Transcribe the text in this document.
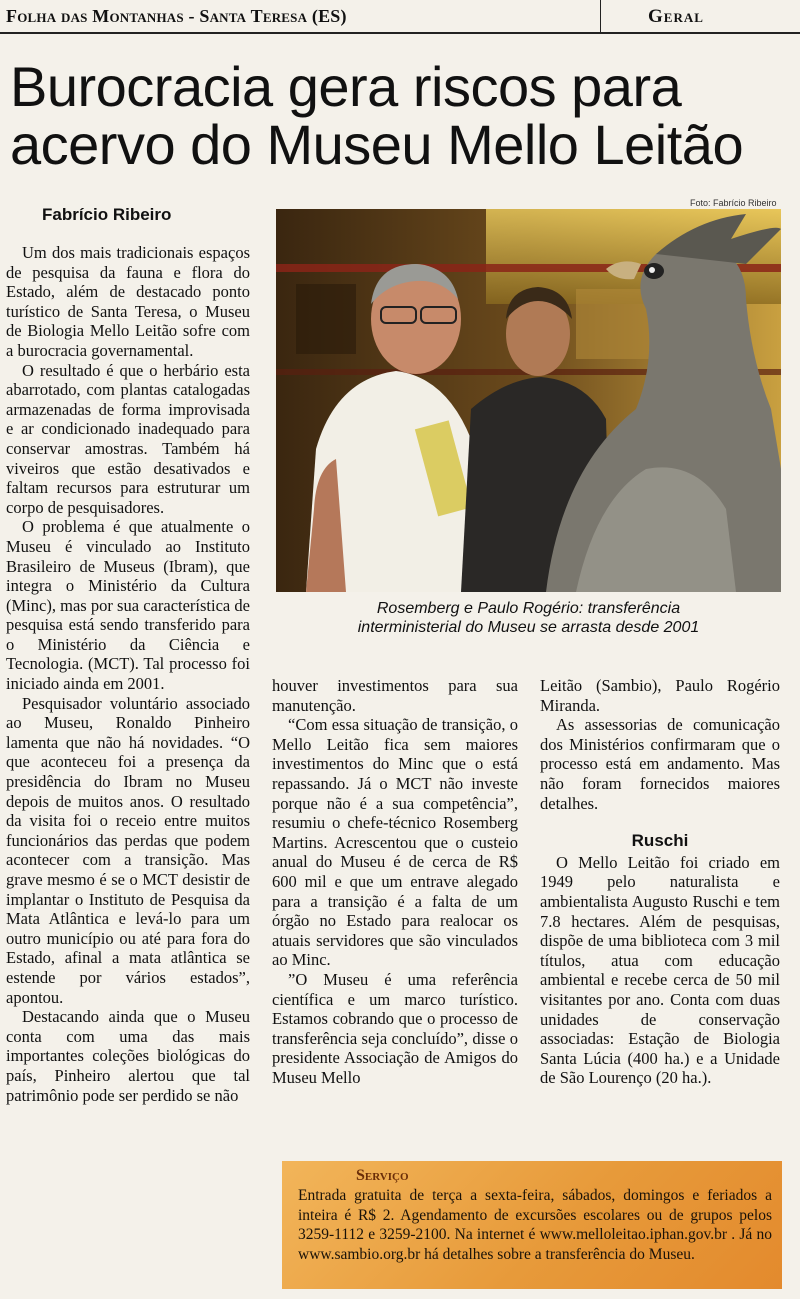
Folha das Montanhas - Santa Teresa (ES)	Geral
Burocracia gera riscos para
acervo do Museu Mello Leitão
Fabrício Ribeiro
Foto: Fabrício Ribeiro
Rosemberg e Paulo Rogério: transferência
interministerial do Museu se arrasta desde 2001

Um dos mais tradicionais espaços de pesquisa da fauna e flora do Estado, além de destacado ponto turístico de Santa Teresa, o Museu de Biologia Mello Leitão sofre com a burocracia governamental.

O resultado é que o herbário esta abarrotado, com plantas catalogadas armazenadas de forma improvisada e ar condicionado inadequado para conservar amostras. Também há viveiros que estão desativados e faltam recursos para estruturar um corpo de pesquisadores.

O problema é que atualmente o Museu é vinculado ao Instituto Brasileiro de Museus (Ibram), que integra o Ministério da Cultura (Minc), mas por sua característica de pesquisa está sendo transferido para o Ministério da Ciência e Tecnologia. (MCT). Tal processo foi iniciado ainda em 2001.

Pesquisador voluntário associado ao Museu, Ronaldo Pinheiro lamenta que não há novidades. “O que aconteceu foi a presença da presidência do Ibram no Museu depois de muitos anos. O resultado da visita foi o receio entre muitos funcionários das perdas que podem acontecer com a transição. Mas grave mesmo é se o MCT desistir de implantar o Instituto de Pesquisa da Mata Atlântica e levá-lo para um outro município ou até para fora do Estado, afinal a mata atlântica se estende por vários estados”, apontou.

Destacando ainda que o Museu conta com uma das mais importantes coleções biológicas do país, Pinheiro alertou que tal patrimônio pode ser perdido se não

houver investimentos para sua manutenção.

“Com essa situação de transição, o Mello Leitão fica sem maiores investimentos do Minc que o está repassando. Já o MCT não investe porque não é a sua competência”, resumiu o chefe-técnico Rosemberg Martins. Acrescentou que o custeio anual do Museu é de cerca de R$ 600 mil e que um entrave alegado para a transição é a falta de um órgão no Estado para realocar os atuais servidores que são vinculados ao Minc.

”O Museu é uma referência científica e um marco turístico. Estamos cobrando que o processo de transferência seja concluído”, disse o presidente Associação de Amigos do Museu Mello

Leitão (Sambio), Paulo Rogério Miranda.

As assessorias de comunicação dos Ministérios confirmaram que o processo está em andamento. Mas não foram fornecidos maiores detalhes.

Ruschi

O Mello Leitão foi criado em 1949 pelo naturalista e ambientalista Augusto Ruschi e tem 7.8 hectares. Além de pesquisas, dispõe de uma biblioteca com 3 mil títulos, atua com educação ambiental e recebe cerca de 50 mil visitantes por ano. Conta com duas unidades de conservação associadas: Estação de Biologia Santa Lúcia (400 ha.) e a Unidade de São Lourenço (20 ha.).

Serviço
Entrada gratuita de terça a sexta-feira, sábados, domingos e feriados a inteira é R$ 2. Agendamento de excursões escolares ou de grupos pelos 3259-1112 e 3259-2100. Na internet é www.melloleitao.iphan.gov.br . Já no www.sambio.org.br há detalhes sobre a transferência do Museu.
